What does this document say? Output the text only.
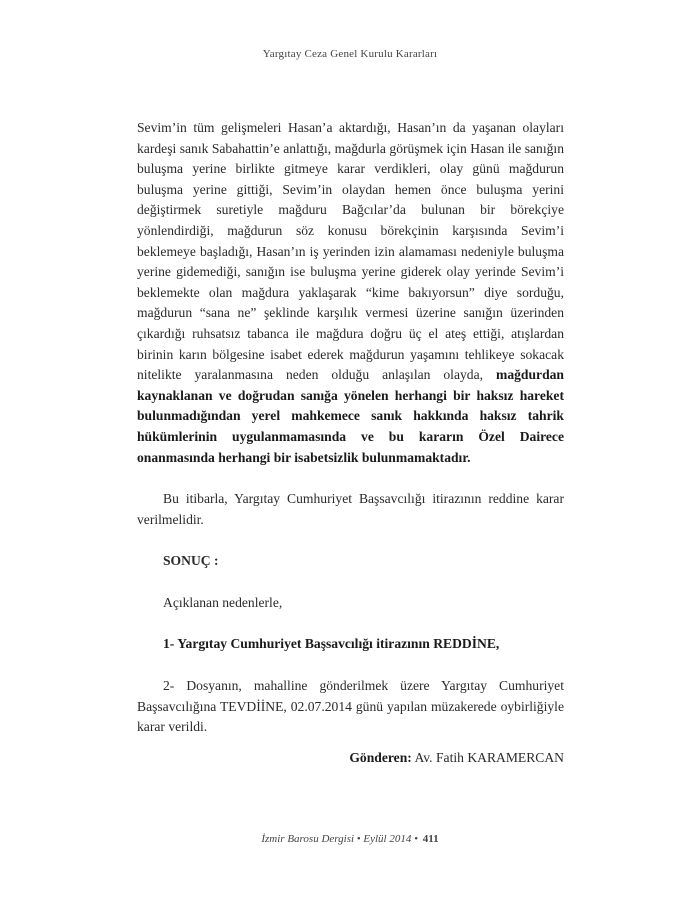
Yargıtay Ceza Genel Kurulu Kararları

Sevim’in tüm gelişmeleri Hasan’a aktardığı, Hasan’ın da yaşanan olayları kardeşi sanık Sabahattin’e anlattığı, mağdurla görüşmek için Hasan ile sanığın buluşma yerine birlikte gitmeye karar verdikleri, olay günü mağdurun buluşma yerine gittiği, Sevim’in olaydan hemen önce buluşma yerini değiştirmek suretiyle mağduru Bağcılar’da bulunan bir börekçiye yönlendirdiği, mağdurun söz konusu börekçinin karşısında Sevim’i beklemeye başladığı, Hasan’ın iş yerinden izin alamaması nedeniyle buluşma yerine gidemediği, sanığın ise buluşma yerine giderek olay yerinde Sevim’i beklemekte olan mağdura yaklaşarak “kime bakıyorsun” diye sorduğu, mağdurun “sana ne” şeklinde karşılık vermesi üzerine sanığın üzerinden çıkardığı ruhsatsız tabanca ile mağdura doğru üç el ateş ettiği, atışlardan birinin karın bölgesine isabet ederek mağdurun yaşamını tehlikeye sokacak nitelikte yaralanmasına neden olduğu anlaşılan olayda, mağdurdan kaynaklanan ve doğrudan sanığa yönelen herhangi bir haksız hareket bulunmadığından yerel mahkemece sanık hakkında haksız tahrik hükümlerinin uygulanmamasında ve bu kararın Özel Dairece onanmasında herhangi bir isabetsizlik bulunmamaktadır.

Bu itibarla, Yargıtay Cumhuriyet Başsavcılığı itirazının reddine karar verilmelidir.

SONUÇ :

Açıklanan nedenlerle,

1- Yargıtay Cumhuriyet Başsavcılığı itirazının REDDİNE,

2- Dosyanın, mahalline gönderilmek üzere Yargıtay Cumhuriyet Başsavcılığına TEVDİİNE, 02.07.2014 günü yapılan müzakerede oybirliğiyle karar verildi.

Gönderen: Av. Fatih KARAMERCAN

İzmir Barosu Dergisi • Eylül 2014 • 411
